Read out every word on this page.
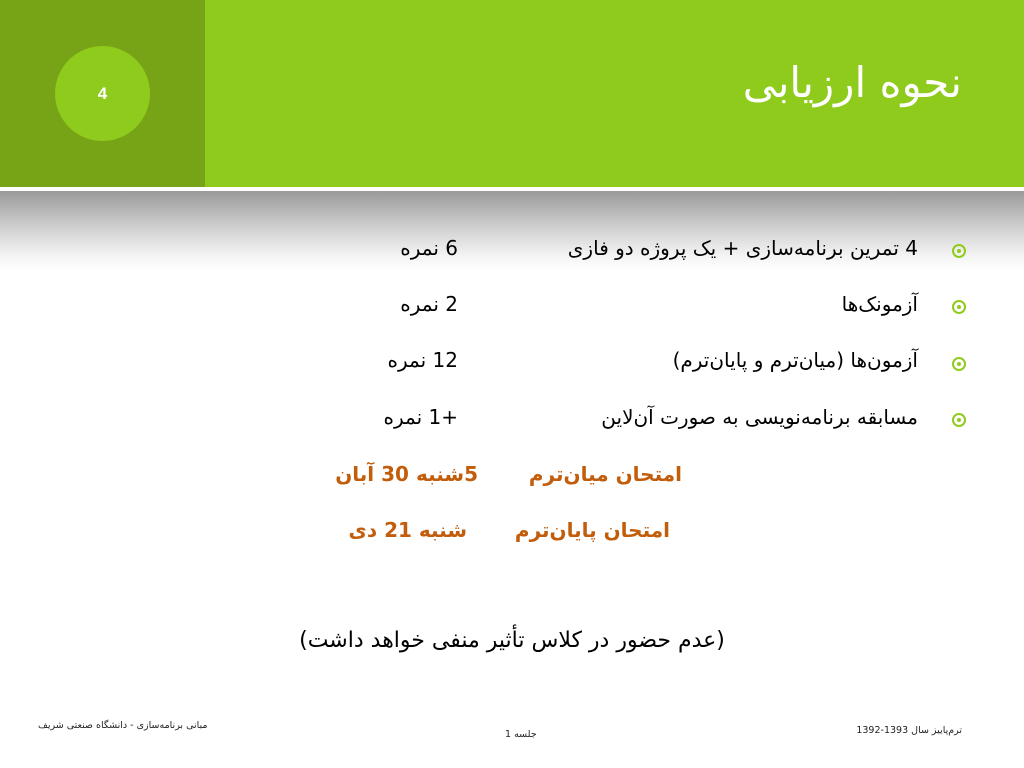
4	نحوه ارزیابی
4 تمرین برنامه‌سازی + یک پروژه دو فازی
6 نمره
آزمونک‌ها
2 نمره
آزمون‌ها (میان‌ترم و پایان‌ترم)
12 نمره
مسابقه برنامه‌نویسی به صورت آن‌لاین
+1 نمره
امتحان میان‌ترم
5شنبه 30 آبان
امتحان پایان‌ترم
شنبه 21 دی
(عدم حضور در کلاس تأثیر منفی خواهد داشت)
ترم‌پاییز سال 1393-1392
جلسه 1
مبانی برنامه‌سازی - دانشگاه صنعتی شریف
